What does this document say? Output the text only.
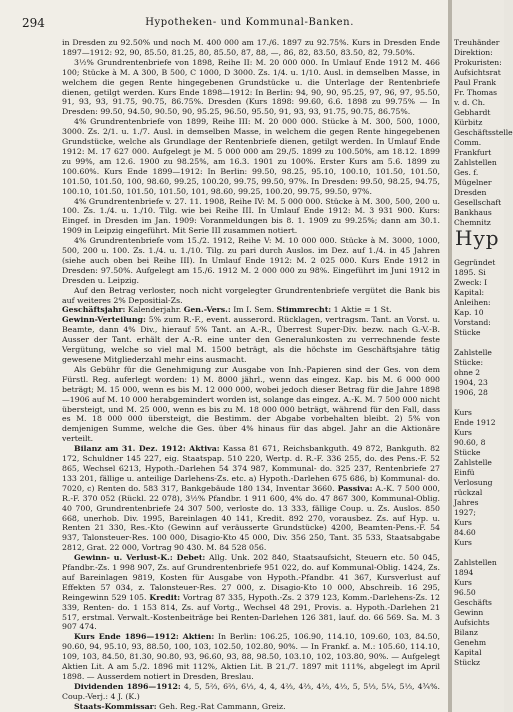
294	Hypotheken- und Kommunal-Banken.

in Dresden zu 92.50% und noch M. 400 000 am 17./6. 1897 zu 92.75%. Kurs in Dresden Ende 1897—1912: 92, 90, 85.50, 81.25, 80, 85.50, 87, 88, —, 86, 82, 83.50, 83.50, 82, 79.50%.

3½% Grundrentenbriefe von 1898, Reihe II: M. 20 000 000. In Umlauf Ende 1912 M. 466 100; Stücke à M. A 300, B 500, C 1000, D 3000. Zs. 1/4. u. 1/10. Ausl. in demselben Masse, in welchem die gegen Rente hingegebenen Grundstücke u. die Unterlage der Rentenbriefe dienen, getilgt werden. Kurs Ende 1898—1912: In Berlin: 94, 90, 90, 95.25, 97, 96, 97, 95.50, 91, 93, 93, 91.75, 90.75, 86.75%. Dresden (Kurs 1898: 99.60, 6.6. 1898 zu 99.75% — In Dresden: 99.50, 94.50, 90.50, 90, 95.25, 96.50, 95.50, 91, 93, 93, 91.75, 90.75, 86.75%.

4% Grundrentenbriefe von 1899, Reihe III: M. 20 000 000. Stücke à M. 300, 500, 1000, 3000. Zs. 2/1. u. 1./7. Ausl. in demselben Masse, in welchem die gegen Rente hingegebenen Grundstücke, welche als Grundlage der Rentenbriefe dienen, getilgt werden. In Umlauf Ende 1912: M. 17 627 000. Aufgelegt je M. 5 000 000 am 29./5. 1899 zu 100.50%, am 18.12. 1899 zu 99%, am 12.6. 1900 zu 98.25%, am 16.3. 1901 zu 100%. Erster Kurs am 5.6. 1899 zu 100.60%. Kurs Ende 1899—1912: In Berlin: 99.50, 98.25, 95.10, 100.10, 101.50, 101.50, 101.50, 101.50, 100, 98.60, 99.25, 100.20, 99.75, 99.50, 97%. In Dresden: 99.50, 98.25, 94.75, 100.10, 101.50, 101.50, 101.50, 101, 98.60, 99.25, 100.20, 99.75, 99.50, 97%.

4% Grundrentenbriefe v. 27. 11. 1908, Reihe IV: M. 5 000 000. Stücke à M. 300, 500, 200 u. 100. Zs. 1./4. u. 1./10. Tilg. wie bei Reihe III. In Umlauf Ende 1912: M. 3 931 900. Kurs: Eingef. in Dresden im Jan. 1909: Voranmeldungen bis 8. 1. 1909 zu 99.25%; dann am 30.1. 1909 in Leipzig eingeführt. Mit Serie III zusammen notiert.

4% Grundrentenbriefe vom 15./2. 1912, Reihe V: M. 10 000 000. Stücke à M. 3000, 1000, 500, 200 u. 100. Zs. 1./4. u. 1./10. Tilg. zu pari durch Auslos. im Dez. auf 1./4. in 45 Jahren (siehe auch oben bei Reihe III). In Umlauf Ende 1912: M. 2 025 000. Kurs Ende 1912 in Dresden: 97.50%. Aufgelegt am 15./6. 1912 M. 2 000 000 zu 98%. Eingeführt im Juni 1912 in Dresden u. Leipzig.

Auf den Betrag verloster, noch nicht vorgelegter Grundrentenbriefe vergütet die Bank bis auf weiteres 2% Depositial-Zs.

Geschäftsjahr: Kalenderjahr. Gen.-Vers.: Im I. Sem. Stimmrecht: 1 Aktie = 1 St.

Gewinn-Verteilung: 5% zum R.-F., event. ausserord. Rücklagen, vertragsm. Tant. an Vorst. u. Beamte, dann 4% Div., hierauf 5% Tant. an A.-R., Überrest Super-Div. bezw. nach G.-V.-B. Ausser der Tant. erhält der A.-R. eine unter den Generalunkosten zu verrechnende feste Vergütung, welche so viel mal M. 1500 beträgt, als die höchste im Geschäftsjahre tätig gewesene Mitgliederzahl mehr eins ausmacht.

Als Gebühr für die Genehmigung zur Ausgabe von Inh.-Papieren sind der Ges. von dem Fürstl. Reg. auferlegt worden: 1) M. 8000 jährl., wenn das eingez. Kap. bis M. 6 000 000 beträgt; M. 15 000, wenn es bis M. 12 000 000, wobei jedoch dieser Betrag für die Jahre 1898—1906 auf M. 10 000 herabgemindert worden ist, solange das eingez. A.-K. M. 7 500 000 nicht übersteigt, und M. 25 000, wenn es bis zu M. 18 000 000 beträgt, während für den Fall, dass es M. 18 000 000 übersteigt, die Bestimm. der Abgabe vorbehalten bleibt. 2) 5% von demjenigen Summe, welche die Ges. über 4% hinaus für das abgel. Jahr an die Aktionäre verteilt.

Bilanz am 31. Dez. 1912: Aktiva: Kassa 81 671, Reichsbankguth. 49 872, Bankguth. 82 172, Schuldner 145 227, eig. Staatspap. 510 220, Wertp. d. R.-F. 336 255, do. des Pens.-F. 52 865, Wechsel 6213, Hypoth.-Darlehen 54 374 987, Kommunal- do. 325 237, Rentenbriefe 27 133 201, fällige u. anteilige Darlehens-Zs. etc. a) Hypoth.-Darlehen 675 686, b) Kommunal- do. 7020, c) Renten do. 583 317, Bankgebäude 180 134, Inventar 3660. Passiva: A.-K. 7 500 000, R.-F. 370 052 (Rückl. 22 078), 3½% Pfandbr. 1 911 600, 4% do. 47 867 300, Kommunal-Oblig. 40 700, Grundrentenbriefe 24 307 500, verloste do. 13 333, fällige Coup. u. Zs. Auslos. 850 668, unerhob. Div. 1995, Bareinlagen 40 141, Kredit. 892 270, vorausbez. Zs. auf Hyp. u. Renten 21 330, Res.-Kto (Gewinn auf veräusserte Grundstücke) 4200, Beamten-Pens.-F. 54 937, Talonsteuer-Res. 100 000, Disagio-Kto 45 000, Div. 356 250, Tant. 35 533, Staatsabgabe 2812, Grat. 22 000, Vortrag 90 430. M. 84 528 056.

Gewinn- u. Verlust-K.: Debet: Allg. Unk. 202 840, Staatsaufsicht, Steuern etc. 50 045, Pfandbr.-Zs. 1 998 907, Zs. auf Grundrentenbriefe 951 022, do. auf Kommunal-Oblig. 1424, Zs. auf Bareinlagen 9819, Kosten für Ausgabe von Hypoth.-Pfandbr. 41 367, Kursverlust auf Effekten 57 034, z. Talonsteuer-Res. 27 000, z. Disagio-Kto 10 000, Abschreib. 16 295, Reingewinn 529 105. Kredit: Vortrag 87 335, Hypoth.-Zs. 2 379 123, Komm.-Darlehens-Zs. 12 339, Renten- do. 1 153 814, Zs. auf Vortg., Wechsel 48 291, Provis. a. Hypoth.-Darlehen 21 517, erstmal. Verwalt.-Kostenbeiträge bei Renten-Darlehen 126 381, lauf. do. 66 569. Sa. M. 3 907 474.

Kurs Ende 1896—1912: Aktien: In Berlin: 106.25, 106.90, 114.10, 109.60, 103, 84.50, 90.60, 94, 95.10, 93, 88.50, 100, 103, 102.50, 102.80, 90%. — In Frankf. a. M.: 105.60, 114.10, 109, 103, 84.50, 81.30, 90.80, 93, 96.60, 93, 88, 98.50, 103.10, 102, 103.80, 90%. — Aufgelegt Aktien Lit. A am 5./2. 1896 mit 112%, Aktien Lit. B 21./7. 1897 mit 111%, abgelegt im April 1898. — Ausserdem notiert in Dresden, Breslau.

Dividenden 1896—1912: 4, 5, 5⅔, 6⅔, 6⅓, 4, 4, 4⅔, 4⅔, 4⅔, 4⅓, 5, 5⅓, 5¼, 5⅓, 4¾%. Coup.-Verj.: 4 J. (K.)

Staats-Kommissar: Geh. Reg.-Rat Cammann, Greiz.

Treuhänder
Direktion:
Prokuristen:
Aufsichtsrat
Paul Frank
Fr. Thomas
v. d. Ch.
Gebhardt
Kürbitz
Geschäftsstelle
Comm.
Frankfurt
Zahlstellen
Ges. f.
Mügelner
Dresden
Gesellschaft
Bankhaus
Chemnitz
Hyp
Gegründet
1895. Si
Zweck: I
Kapital:
Anleihen:
Kap. 10
Vorstand:
Stücke
Zahlstelle
Stücke:
ohne 2
1904, 23
1906, 28
Kurs
Ende 1912
Kurs
90.60, 8
Stücke
Zahlstelle
Einfü
Verlosung
rückzal
Jahres
1927;
Kurs
84.60
Kurs
Zahlstellen
1894
Kurs
96.50
Geschäfts
Gewinn
Aufsichts
Bilanz
Genehm
Kapital
Stückz
